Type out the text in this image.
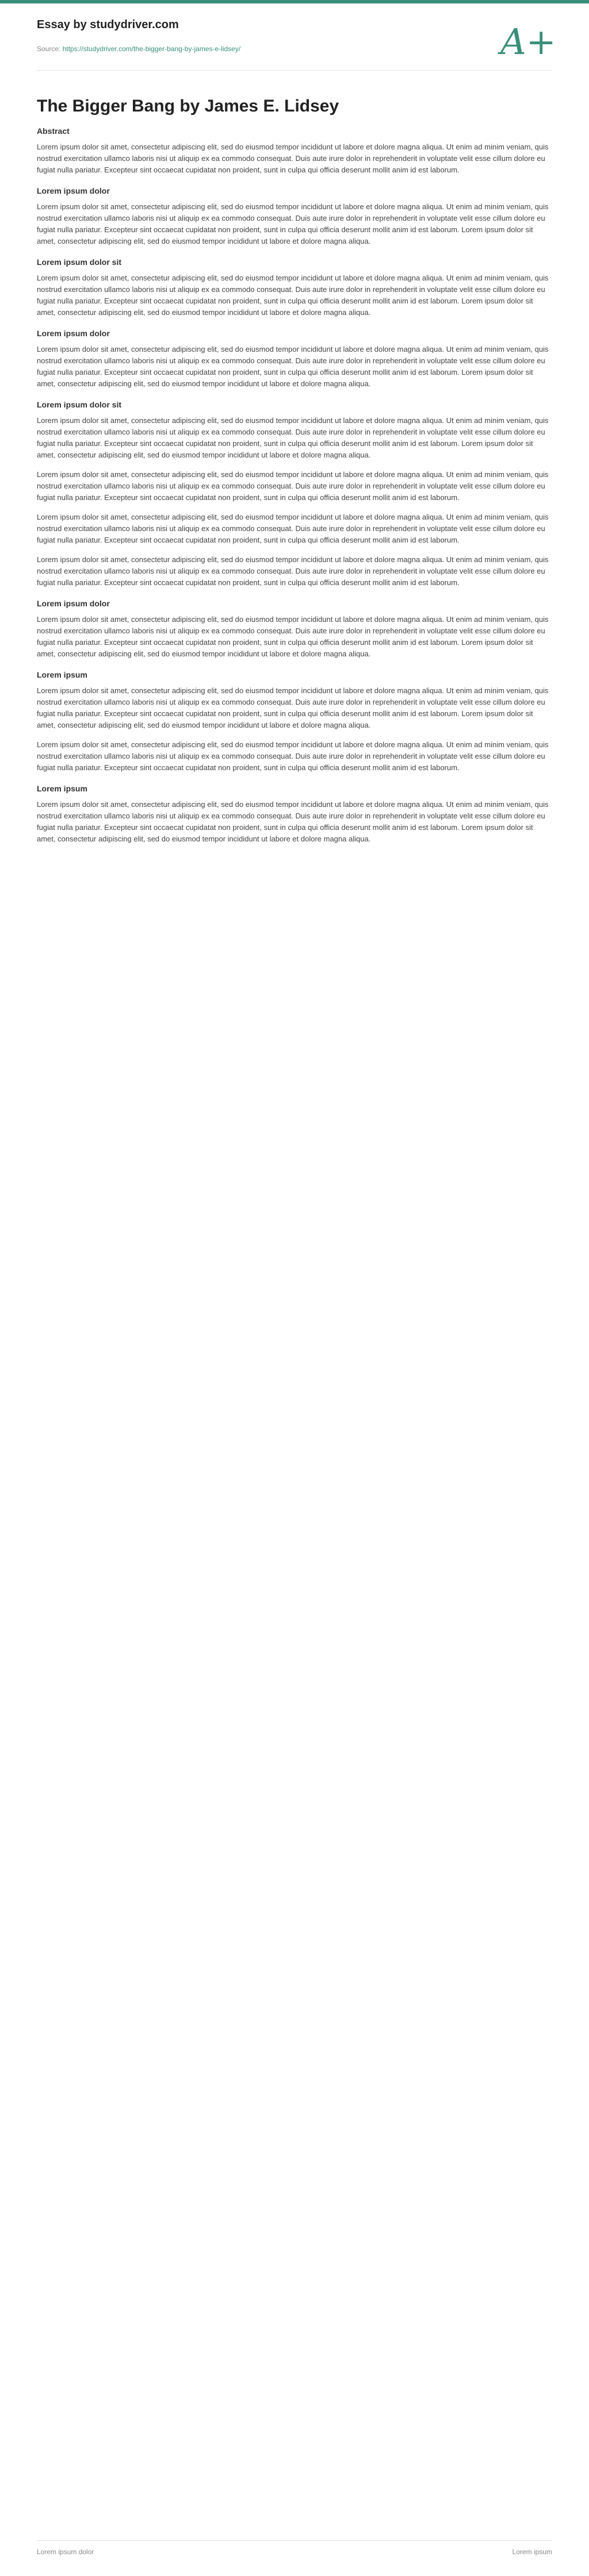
Essay by studydriver.com
Source: https://studydriver.com/the-bigger-bang-by-james-e-lidsey/	A+
The Bigger Bang by James E. Lidsey
Abstract

Lorem ipsum dolor sit amet, consectetur adipiscing elit, sed do eiusmod tempor incididunt ut labore et dolore magna aliqua. Ut enim ad minim veniam, quis nostrud exercitation ullamco laboris nisi ut aliquip ex ea commodo consequat. Duis aute irure dolor in reprehenderit in voluptate velit esse cillum dolore eu fugiat nulla pariatur. Excepteur sint occaecat cupidatat non proident, sunt in culpa qui officia deserunt mollit anim id est laborum.

Lorem ipsum dolor

Lorem ipsum dolor sit amet, consectetur adipiscing elit, sed do eiusmod tempor incididunt ut labore et dolore magna aliqua. Ut enim ad minim veniam, quis nostrud exercitation ullamco laboris nisi ut aliquip ex ea commodo consequat. Duis aute irure dolor in reprehenderit in voluptate velit esse cillum dolore eu fugiat nulla pariatur. Excepteur sint occaecat cupidatat non proident, sunt in culpa qui officia deserunt mollit anim id est laborum. Lorem ipsum dolor sit amet, consectetur adipiscing elit, sed do eiusmod tempor incididunt ut labore et dolore magna aliqua.

Lorem ipsum dolor sit

Lorem ipsum dolor sit amet, consectetur adipiscing elit, sed do eiusmod tempor incididunt ut labore et dolore magna aliqua. Ut enim ad minim veniam, quis nostrud exercitation ullamco laboris nisi ut aliquip ex ea commodo consequat. Duis aute irure dolor in reprehenderit in voluptate velit esse cillum dolore eu fugiat nulla pariatur. Excepteur sint occaecat cupidatat non proident, sunt in culpa qui officia deserunt mollit anim id est laborum. Lorem ipsum dolor sit amet, consectetur adipiscing elit, sed do eiusmod tempor incididunt ut labore et dolore magna aliqua.

Lorem ipsum dolor

Lorem ipsum dolor sit amet, consectetur adipiscing elit, sed do eiusmod tempor incididunt ut labore et dolore magna aliqua. Ut enim ad minim veniam, quis nostrud exercitation ullamco laboris nisi ut aliquip ex ea commodo consequat. Duis aute irure dolor in reprehenderit in voluptate velit esse cillum dolore eu fugiat nulla pariatur. Excepteur sint occaecat cupidatat non proident, sunt in culpa qui officia deserunt mollit anim id est laborum. Lorem ipsum dolor sit amet, consectetur adipiscing elit, sed do eiusmod tempor incididunt ut labore et dolore magna aliqua.

Lorem ipsum dolor sit

Lorem ipsum dolor sit amet, consectetur adipiscing elit, sed do eiusmod tempor incididunt ut labore et dolore magna aliqua. Ut enim ad minim veniam, quis nostrud exercitation ullamco laboris nisi ut aliquip ex ea commodo consequat. Duis aute irure dolor in reprehenderit in voluptate velit esse cillum dolore eu fugiat nulla pariatur. Excepteur sint occaecat cupidatat non proident, sunt in culpa qui officia deserunt mollit anim id est laborum. Lorem ipsum dolor sit amet, consectetur adipiscing elit, sed do eiusmod tempor incididunt ut labore et dolore magna aliqua.

Lorem ipsum dolor sit amet, consectetur adipiscing elit, sed do eiusmod tempor incididunt ut labore et dolore magna aliqua. Ut enim ad minim veniam, quis nostrud exercitation ullamco laboris nisi ut aliquip ex ea commodo consequat. Duis aute irure dolor in reprehenderit in voluptate velit esse cillum dolore eu fugiat nulla pariatur. Excepteur sint occaecat cupidatat non proident, sunt in culpa qui officia deserunt mollit anim id est laborum.

Lorem ipsum dolor sit amet, consectetur adipiscing elit, sed do eiusmod tempor incididunt ut labore et dolore magna aliqua. Ut enim ad minim veniam, quis nostrud exercitation ullamco laboris nisi ut aliquip ex ea commodo consequat. Duis aute irure dolor in reprehenderit in voluptate velit esse cillum dolore eu fugiat nulla pariatur. Excepteur sint occaecat cupidatat non proident, sunt in culpa qui officia deserunt mollit anim id est laborum.

Lorem ipsum dolor sit amet, consectetur adipiscing elit, sed do eiusmod tempor incididunt ut labore et dolore magna aliqua. Ut enim ad minim veniam, quis nostrud exercitation ullamco laboris nisi ut aliquip ex ea commodo consequat. Duis aute irure dolor in reprehenderit in voluptate velit esse cillum dolore eu fugiat nulla pariatur. Excepteur sint occaecat cupidatat non proident, sunt in culpa qui officia deserunt mollit anim id est laborum.

Lorem ipsum dolor

Lorem ipsum dolor sit amet, consectetur adipiscing elit, sed do eiusmod tempor incididunt ut labore et dolore magna aliqua. Ut enim ad minim veniam, quis nostrud exercitation ullamco laboris nisi ut aliquip ex ea commodo consequat. Duis aute irure dolor in reprehenderit in voluptate velit esse cillum dolore eu fugiat nulla pariatur. Excepteur sint occaecat cupidatat non proident, sunt in culpa qui officia deserunt mollit anim id est laborum. Lorem ipsum dolor sit amet, consectetur adipiscing elit, sed do eiusmod tempor incididunt ut labore et dolore magna aliqua.

Lorem ipsum

Lorem ipsum dolor sit amet, consectetur adipiscing elit, sed do eiusmod tempor incididunt ut labore et dolore magna aliqua. Ut enim ad minim veniam, quis nostrud exercitation ullamco laboris nisi ut aliquip ex ea commodo consequat. Duis aute irure dolor in reprehenderit in voluptate velit esse cillum dolore eu fugiat nulla pariatur. Excepteur sint occaecat cupidatat non proident, sunt in culpa qui officia deserunt mollit anim id est laborum. Lorem ipsum dolor sit amet, consectetur adipiscing elit, sed do eiusmod tempor incididunt ut labore et dolore magna aliqua.

Lorem ipsum dolor sit amet, consectetur adipiscing elit, sed do eiusmod tempor incididunt ut labore et dolore magna aliqua. Ut enim ad minim veniam, quis nostrud exercitation ullamco laboris nisi ut aliquip ex ea commodo consequat. Duis aute irure dolor in reprehenderit in voluptate velit esse cillum dolore eu fugiat nulla pariatur. Excepteur sint occaecat cupidatat non proident, sunt in culpa qui officia deserunt mollit anim id est laborum.

Lorem ipsum

Lorem ipsum dolor sit amet, consectetur adipiscing elit, sed do eiusmod tempor incididunt ut labore et dolore magna aliqua. Ut enim ad minim veniam, quis nostrud exercitation ullamco laboris nisi ut aliquip ex ea commodo consequat. Duis aute irure dolor in reprehenderit in voluptate velit esse cillum dolore eu fugiat nulla pariatur. Excepteur sint occaecat cupidatat non proident, sunt in culpa qui officia deserunt mollit anim id est laborum. Lorem ipsum dolor sit amet, consectetur adipiscing elit, sed do eiusmod tempor incididunt ut labore et dolore magna aliqua.

Lorem ipsum dolor	Lorem ipsum
